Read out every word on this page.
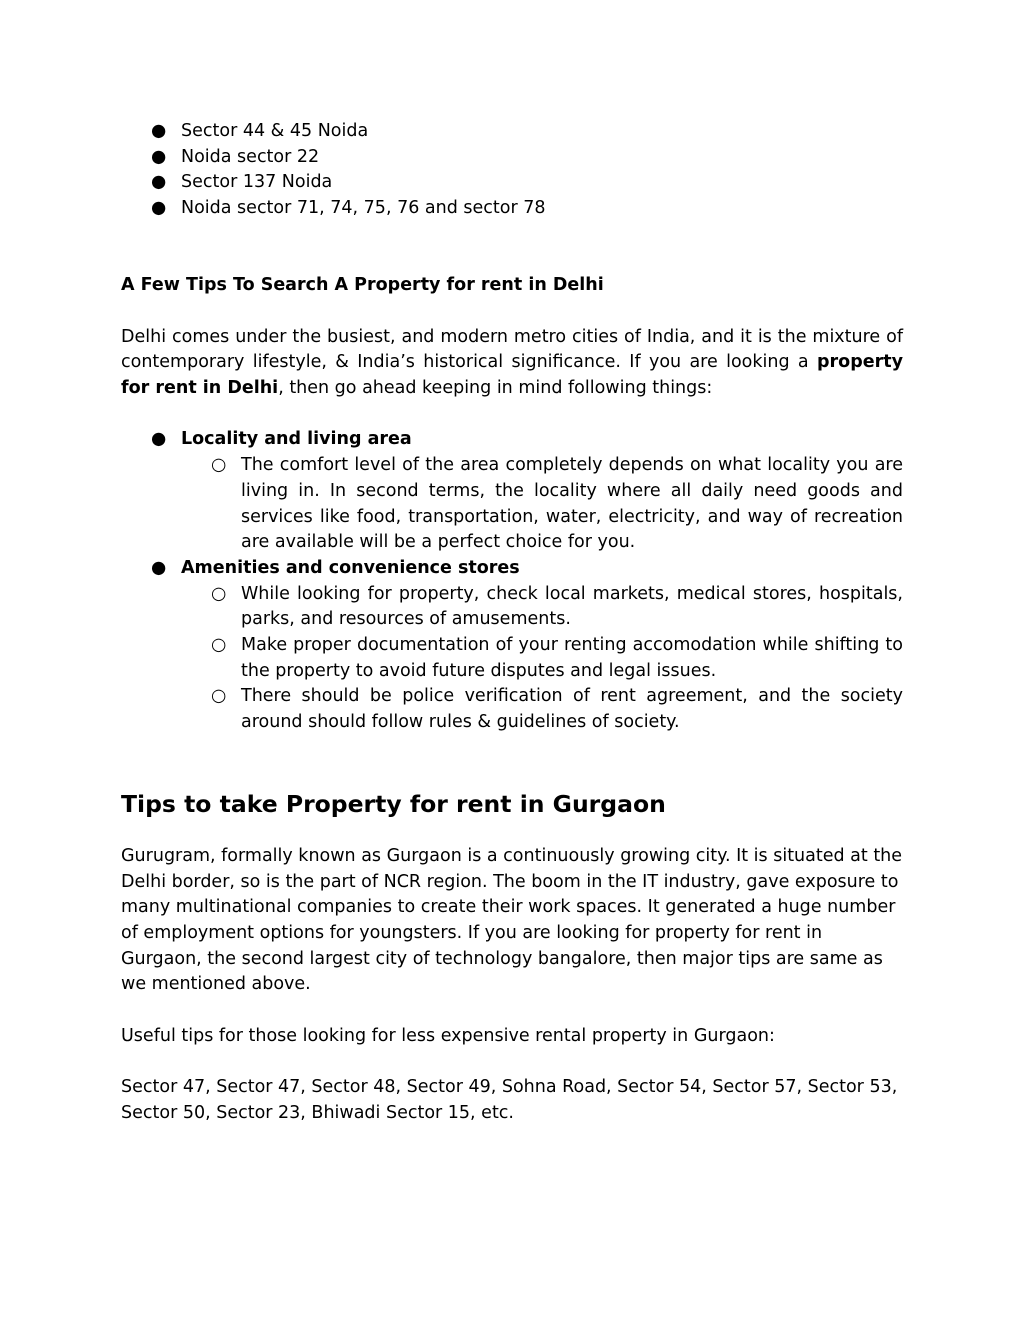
● Sector 44 & 45 Noida
● Noida sector 22
● Sector 137 Noida
● Noida sector 71, 74, 75, 76 and sector 78
A Few Tips To Search A Property for rent in Delhi

Delhi comes under the busiest, and modern metro cities of India, and it is the mixture of contemporary lifestyle, & India’s historical significance. If you are looking a property for rent in Delhi, then go ahead keeping in mind following things:

● Locality and living area
○ The comfort level of the area completely depends on what locality you are living in. In second terms, the locality where all daily need goods and services like food, transportation, water, electricity, and way of recreation are available will be a perfect choice for you.
● Amenities and convenience stores
○ While looking for property, check local markets, medical stores, hospitals, parks, and resources of amusements.
○ Make proper documentation of your renting accomodation while shifting to the property to avoid future disputes and legal issues.
○ There should be police verification of rent agreement, and the society around should follow rules & guidelines of society.
Tips to take Property for rent in Gurgaon

Gurugram, formally known as Gurgaon is a continuously growing city. It is situated at the Delhi border, so is the part of NCR region. The boom in the IT industry, gave exposure to many multinational companies to create their work spaces. It generated a huge number of employment options for youngsters. If you are looking for property for rent in Gurgaon, the second largest city of technology bangalore, then major tips are same as we mentioned above.

Useful tips for those looking for less expensive rental property in Gurgaon:

Sector 47, Sector 47, Sector 48, Sector 49, Sohna Road, Sector 54, Sector 57, Sector 53, Sector 50, Sector 23, Bhiwadi Sector 15, etc.
